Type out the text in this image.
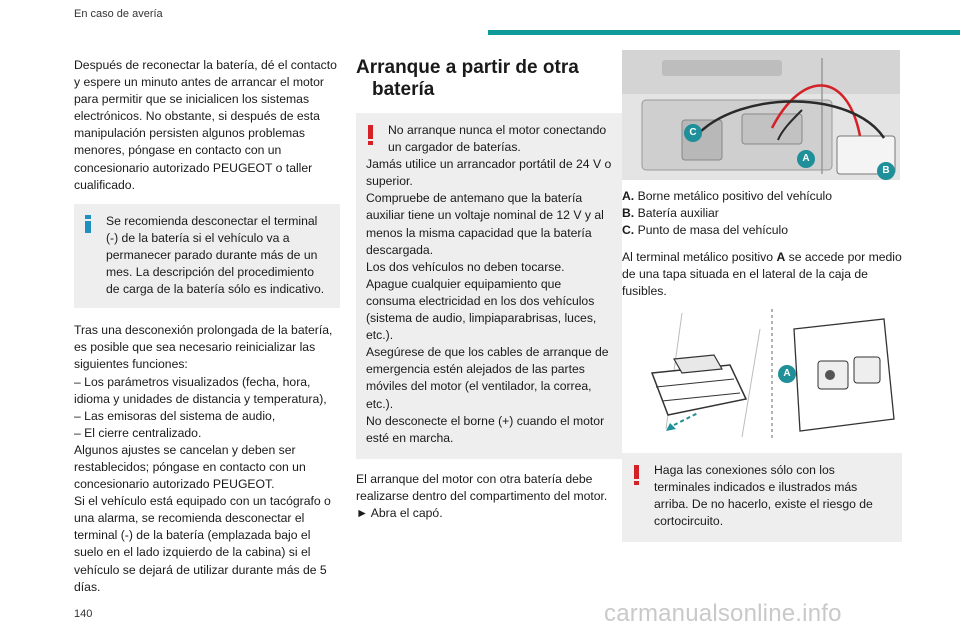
En caso de avería

Después de reconectar la batería, dé el contacto y espere un minuto antes de arrancar el motor para permitir que se inicialicen los sistemas electrónicos. No obstante, si después de esta manipulación persisten algunos problemas menores, póngase en contacto con un concesionario autorizado PEUGEOT o taller cualificado.

Se recomienda desconectar el terminal (-) de la batería si el vehículo va a permanecer parado durante más de un mes. La descripción del procedimiento de carga de la batería sólo es indicativo.

Tras una desconexión prolongada de la batería, es posible que sea necesario reinicializar las siguientes funciones:

– Los parámetros visualizados (fecha, hora, idioma y unidades de distancia y temperatura),

– Las emisoras del sistema de audio,

– El cierre centralizado.

Algunos ajustes se cancelan y deben ser restablecidos; póngase en contacto con un concesionario autorizado PEUGEOT.

Si el vehículo está equipado con un tacógrafo o una alarma, se recomienda desconectar el terminal (-) de la batería (emplazada bajo el suelo en el lado izquierdo de la cabina) si el vehículo se dejará de utilizar durante más de 5 días.

Arranque a partir de otra
batería

No arranque nunca el motor conectando un cargador de baterías.

Jamás utilice un arrancador portátil de 24 V o superior.

Compruebe de antemano que la batería auxiliar tiene un voltaje nominal de 12 V y al menos la misma capacidad que la batería descargada.

Los dos vehículos no deben tocarse.

Apague cualquier equipamiento que consuma electricidad en los dos vehículos (sistema de audio, limpiaparabrisas, luces, etc.).

Asegúrese de que los cables de arranque de emergencia estén alejados de las partes móviles del motor (el ventilador, la correa, etc.).

No desconecte el borne (+) cuando el motor esté en marcha.

El arranque del motor con otra batería debe realizarse dentro del compartimento del motor.

► Abra el capó.

C
A
B

A. Borne metálico positivo del vehículo

B. Batería auxiliar

C. Punto de masa del vehículo

Al terminal metálico positivo A se accede por medio de una tapa situada en el lateral de la caja de fusibles.

A

Haga las conexiones sólo con los terminales indicados e ilustrados más arriba. De no hacerlo, existe el riesgo de cortocircuito.

140	carmanualsonline.info
